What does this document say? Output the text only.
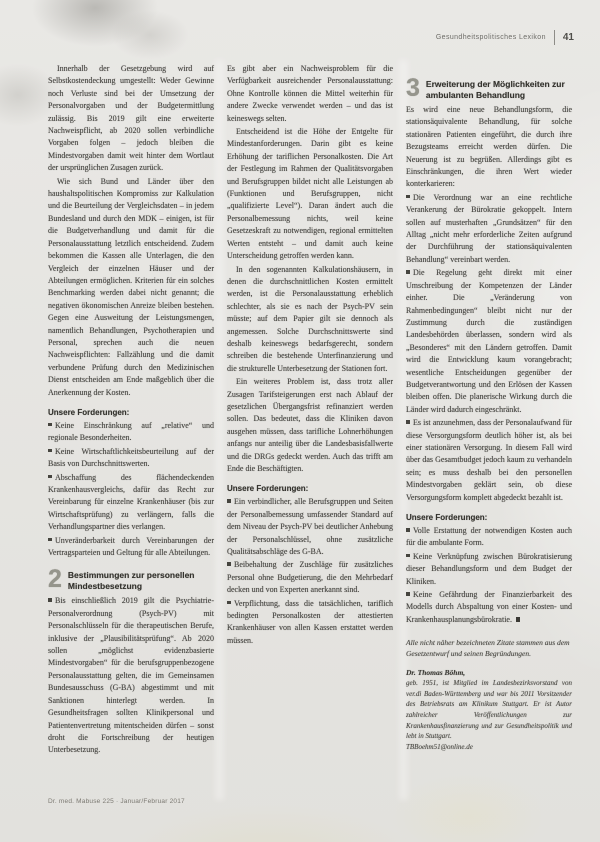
Gesundheitspolitisches Lexikon 41

Innerhalb der Gesetzgebung wird auf Selbstkostendeckung umgestellt: Weder Gewinne noch Verluste sind bei der Umsetzung der Personalvorgaben und der Budgetermittlung zulässig. Bis 2019 gilt eine erweiterte Nachweispflicht, ab 2020 sollen verbindliche Vorgaben folgen – jedoch bleiben die Mindestvorgaben damit weit hinter dem Wortlaut der ursprünglichen Zusagen zurück.

Wie sich Bund und Länder über den haushaltspolitischen Kompromiss zur Kalkulation und die Beurteilung der Vergleichsdaten – in jedem Bundesland und durch den MDK – einigen, ist für die Budgetverhandlung und damit für die Personalausstattung letztlich entscheidend. Zudem bekommen die Kassen alle Unterlagen, die den Vergleich der einzelnen Häuser und der Abteilungen ermöglichen. Kriterien für ein solches Benchmarking werden dabei nicht genannt; die negativen ökonomischen Anreize bleiben bestehen. Gegen eine Ausweitung der Leistungsmengen, namentlich Behandlungen, Psychotherapien und Personal, sprechen auch die neuen Nachweispflichten: Fallzählung und die damit verbundene Prüfung durch den Medizinischen Dienst entscheiden am Ende maßgeblich über die Anerkennung der Kosten.

Unsere Forderungen:

Keine Einschränkung auf „relative“ und regionale Besonderheiten.

Keine Wirtschaftlichkeitsbeurteilung auf der Basis von Durchschnittswerten.

Abschaffung des flächendeckenden Krankenhausvergleichs, dafür das Recht zur Vereinbarung für einzelne Krankenhäuser (bis zur Wirtschaftsprüfung) zu verlängern, falls die Verhandlungspartner dies verlangen.

Unveränderbarkeit durch Vereinbarungen der Vertragsparteien und Geltung für alle Abteilungen.

2 Bestimmungen zur personellen Mindestbesetzung

Bis einschließlich 2019 gilt die Psychiatrie-Personalverordnung (Psych-PV) mit Personalschlüsseln für die therapeutischen Berufe, inklusive der „Plausibilitätsprüfung“. Ab 2020 sollen „möglichst evidenzbasierte Mindestvorgaben“ für die berufsgruppenbezogene Personalausstattung gelten, die im Gemeinsamen Bundesausschuss (G-BA) abgestimmt und mit Sanktionen hinterlegt werden. In Gesundheitsfragen sollten Klinikpersonal und Patientenvertretung mitentscheiden dürfen – sonst droht die Fortschreibung der heutigen Unterbesetzung.

Es gibt aber ein Nachweisproblem für die Verfügbarkeit ausreichender Personalausstattung: Ohne Kontrolle können die Mittel weiterhin für andere Zwecke verwendet werden – und das ist keineswegs selten.

Entscheidend ist die Höhe der Entgelte für Mindestanforderungen. Darin gibt es keine Erhöhung der tariflichen Personalkosten. Die Art der Festlegung im Rahmen der Qualitätsvorgaben und Berufsgruppen bildet nicht alle Leistungen ab (Funktionen und Berufsgruppen, nicht „qualifizierte Level“). Daran ändert auch die Personalbemessung nichts, weil keine Gesetzeskraft zu notwendigen, regional ermittelten Werten entsteht – und damit auch keine Unterscheidung getroffen werden kann.

In den sogenannten Kalkulationshäusern, in denen die durchschnittlichen Kosten ermittelt werden, ist die Personalausstattung erheblich schlechter, als sie es nach der Psych-PV sein müsste; auf dem Papier gilt sie dennoch als angemessen. Solche Durchschnittswerte sind deshalb keineswegs bedarfsgerecht, sondern schreiben die bestehende Unterfinanzierung und die strukturelle Unterbesetzung der Stationen fort.

Ein weiteres Problem ist, dass trotz aller Zusagen Tarifsteigerungen erst nach Ablauf der gesetzlichen Übergangsfrist refinanziert werden sollen. Das bedeutet, dass die Kliniken davon ausgehen müssen, dass tarifliche Lohnerhöhungen anfangs nur anteilig über die Landesbasisfallwerte und die DRGs gedeckt werden. Auch das trifft am Ende die Beschäftigten.

Unsere Forderungen:

Ein verbindlicher, alle Berufsgruppen und Seiten der Personalbemessung umfassender Standard auf dem Niveau der Psych-PV bei deutlicher Anhebung der Personalschlüssel, ohne zusätzliche Qualitätsabschläge des G-BA.

Beibehaltung der Zuschläge für zusätzliches Personal ohne Budgetierung, die den Mehrbedarf decken und von Experten anerkannt sind.

Verpflichtung, dass die tatsächlichen, tariflich bedingten Personalkosten der attestierten Krankenhäuser von allen Kassen erstattet werden müssen.

3 Erweiterung der Möglichkeiten zur ambulanten Behandlung

Es wird eine neue Behandlungsform, die stationsäquivalente Behandlung, für solche stationären Patienten eingeführt, die durch ihre Bezugsteams erreicht werden dürfen. Die Neuerung ist zu begrüßen. Allerdings gibt es Einschränkungen, die ihren Wert wieder konterkarieren:

Die Verordnung war an eine rechtliche Verankerung der Bürokratie gekoppelt. Intern sollen auf musterhaften „Grundsätzen“ für den Alltag „nicht mehr erforderliche Zeiten aufgrund der Durchführung der stationsäquivalenten Behandlung“ vereinbart werden.

Die Regelung geht direkt mit einer Umschreibung der Kompetenzen der Länder einher. Die „Veränderung von Rahmenbedingungen“ bleibt nicht nur der Zustimmung durch die zuständigen Landesbehörden überlassen, sondern wird als „Besonderes“ mit den Ländern getroffen. Damit wird die Entwicklung kaum vorangebracht; wesentliche Entscheidungen gegenüber der Budgetverantwortung und den Erlösen der Kassen bleiben offen. Die planerische Wirkung durch die Länder wird dadurch eingeschränkt.

Es ist anzunehmen, dass der Personalaufwand für diese Versorgungsform deutlich höher ist, als bei einer stationären Versorgung. In diesem Fall wird über das Gesamtbudget jedoch kaum zu verhandeln sein; es muss deshalb bei den personellen Mindestvorgaben geklärt sein, ob diese Versorgungsform komplett abgedeckt bezahlt ist.

Unsere Forderungen:

Volle Erstattung der notwendigen Kosten auch für die ambulante Form.

Keine Verknüpfung zwischen Bürokratisierung dieser Behandlungsform und dem Budget der Kliniken.

Keine Gefährdung der Finanzierbarkeit des Modells durch Abspaltung von einer Kosten- und Krankenhausplanungsbürokratie.

Alle nicht näher bezeichneten Zitate stammen aus dem Gesetzentwurf und seinen Begründungen.

Dr. Thomas Böhm,

geb. 1951, ist Mitglied im Landesbezirksvorstand von ver.di Baden-Württemberg und war bis 2011 Vorsitzender des Betriebsrats am Klinikum Stuttgart. Er ist Autor zahlreicher Veröffentlichungen zur Krankenhausfinanzierung und zur Gesundheitspolitik und lebt in Stuttgart.

TBBoehm51@online.de

Dr. med. Mabuse 225 · Januar/Februar 2017
